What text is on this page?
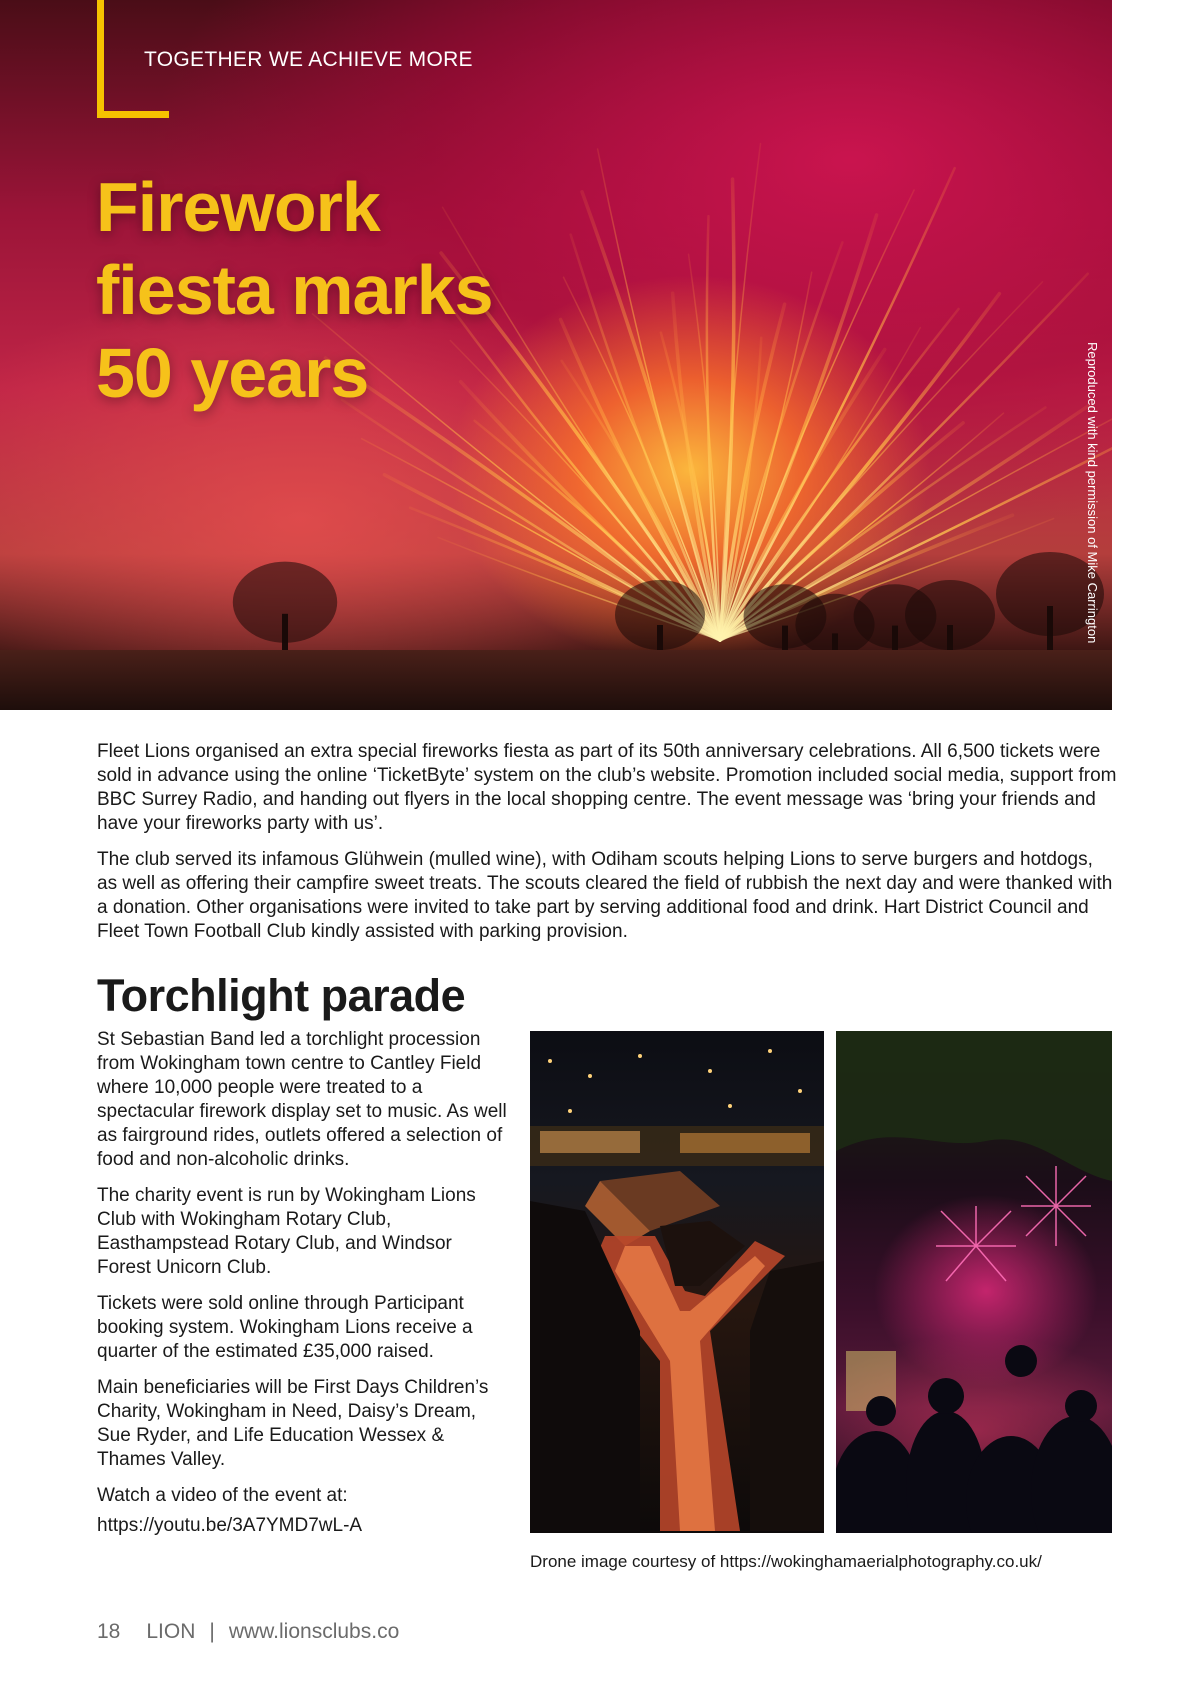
TOGETHER WE ACHIEVE MORE
Firework
fiesta marks
50 years	Reproduced with kind permission of Mike Carrington

Fleet Lions organised an extra special fireworks fiesta as part of its 50th anniversary celebrations. All 6,500 tickets were sold in advance using the online ‘TicketByte’ system on the club’s website. Promotion included social media, support from BBC Surrey Radio, and handing out flyers in the local shopping centre. The event message was ‘bring your friends and have your fireworks party with us’.

The club served its infamous Glühwein (mulled wine), with Odiham scouts helping Lions to serve burgers and hotdogs, as well as offering their campfire sweet treats. The scouts cleared the field of rubbish the next day and were thanked with a donation. Other organisations were invited to take part by serving additional food and drink. Hart District Council and Fleet Town Football Club kindly assisted with parking provision.

Torchlight parade

St Sebastian Band led a torchlight procession from Wokingham town centre to Cantley Field where 10,000 people were treated to a spectacular firework display set to music. As well as fairground rides, outlets offered a selection of food and non-alcoholic drinks.

The charity event is run by Wokingham Lions Club with Wokingham Rotary Club, Easthampstead Rotary Club, and Windsor Forest Unicorn Club.

Tickets were sold online through Participant booking system. Wokingham Lions receive a quarter of the estimated £35,000 raised.

Main beneficiaries will be First Days Children’s Charity, Wokingham in Need, Daisy’s Dream, Sue Ryder, and Life Education Wessex & Thames Valley.

Watch a video of the event at:

https://youtu.be/3A7YMD7wL-A

Drone image courtesy of https://wokinghamaerialphotography.co.uk/
18 LION | www.lionsclubs.co
